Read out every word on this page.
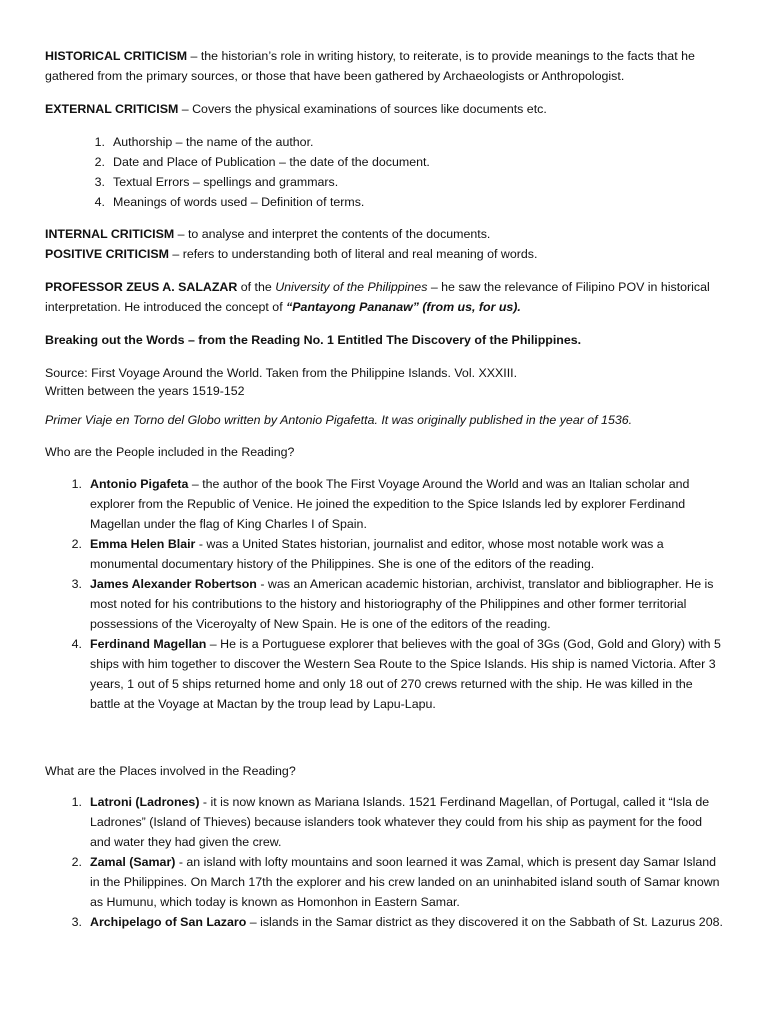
HISTORICAL CRITICISM – the historian’s role in writing history, to reiterate, is to provide meanings to the facts that he gathered from the primary sources, or those that have been gathered by Archaeologists or Anthropologist.

EXTERNAL CRITICISM – Covers the physical examinations of sources like documents etc.

1. Authorship – the name of the author.
2. Date and Place of Publication – the date of the document.
3. Textual Errors – spellings and grammars.
4. Meanings of words used – Definition of terms.

INTERNAL CRITICISM – to analyse and interpret the contents of the documents.

POSITIVE CRITICISM – refers to understanding both of literal and real meaning of words.

PROFESSOR ZEUS A. SALAZAR of the University of the Philippines – he saw the relevance of Filipino POV in historical interpretation. He introduced the concept of “Pantayong Pananaw” (from us, for us).

Breaking out the Words – from the Reading No. 1 Entitled The Discovery of the Philippines.

Source: First Voyage Around the World. Taken from the Philippine Islands. Vol. XXXIII.

Written between the years 1519-152

Primer Viaje en Torno del Globo written by Antonio Pigafetta. It was originally published in the year of 1536.

Who are the People included in the Reading?

1. Antonio Pigafeta – the author of the book The First Voyage Around the World and was an Italian scholar and explorer from the Republic of Venice. He joined the expedition to the Spice Islands led by explorer Ferdinand Magellan under the flag of King Charles I of Spain.
2. Emma Helen Blair - was a United States historian, journalist and editor, whose most notable work was a monumental documentary history of the Philippines. She is one of the editors of the reading.
3. James Alexander Robertson - was an American academic historian, archivist, translator and bibliographer. He is most noted for his contributions to the history and historiography of the Philippines and other former territorial possessions of the Viceroyalty of New Spain. He is one of the editors of the reading.
4. Ferdinand Magellan – He is a Portuguese explorer that believes with the goal of 3Gs (God, Gold and Glory) with 5 ships with him together to discover the Western Sea Route to the Spice Islands. His ship is named Victoria. After 3 years, 1 out of 5 ships returned home and only 18 out of 270 crews returned with the ship. He was killed in the battle at the Voyage at Mactan by the troup lead by Lapu-Lapu.

What are the Places involved in the Reading?

1. Latroni (Ladrones) - it is now known as Mariana Islands. 1521 Ferdinand Magellan, of Portugal, called it “Isla de Ladrones” (Island of Thieves) because islanders took whatever they could from his ship as payment for the food and water they had given the crew.
2. Zamal (Samar) - an island with lofty mountains and soon learned it was Zamal, which is present day Samar Island in the Philippines. On March 17th the explorer and his crew landed on an uninhabited island south of Samar known as Humunu, which today is known as Homonhon in Eastern Samar.
3. Archipelago of San Lazaro – islands in the Samar district as they discovered it on the Sabbath of St. Lazurus 208.
